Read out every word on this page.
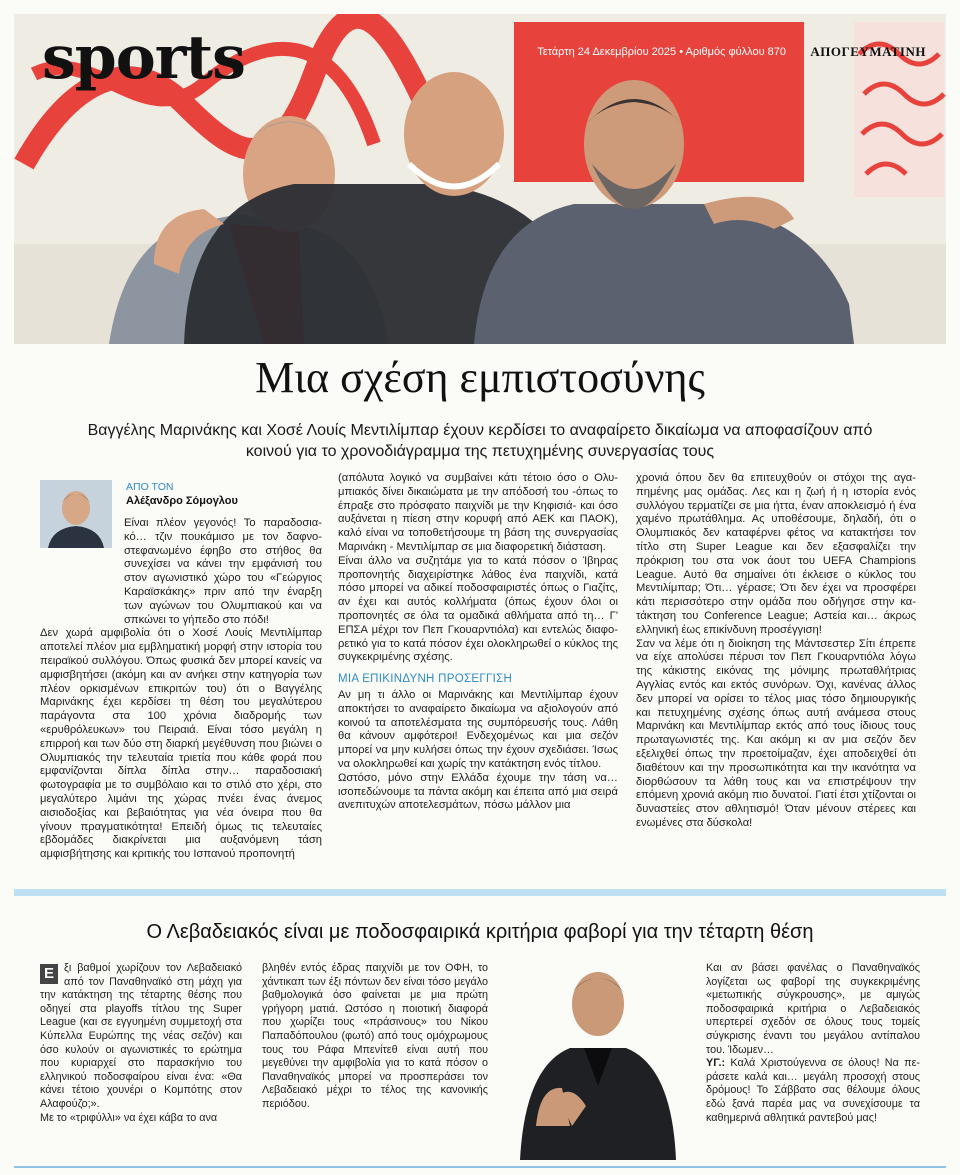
sports	Τετάρτη 24 Δεκεμβρίου 2025 • Αριθμός φύλλου 870 ΑΠΟΓΕΥΜΑΤΙΝΗ
Μια σχέση εμπιστοσύνης
Βαγγέλης Μαρινάκης και Χοσέ Λουίς Μεντιλίμπαρ έχουν κερδίσει το αναφαίρετο δικαίωμα να αποφασίζουν από κοινού για το χρονοδιάγραμμα της πετυχημένης συνεργασίας τους
ΑΠΟ ΤΟΝ
Αλέξανδρο Σόμογλου

Είναι πλέον γεγονός! Το παραδοσιακό… τζιν πουκάμισο με τον δαφνοστεφανωμένο έφηβο στο στήθος θα συνεχίσει να κάνει την εμφάνισή του στον αγωνιστικό χώρο του «Γεώργιος Καραϊσκάκης» πριν από την έναρξη των αγώνων του Ολυμπιακού και να σπκώνει το γήπεδο στο πόδι!

Δεν χωρά αμφιβολία ότι ο Χοσέ Λουίς Μεντιλίμπαρ αποτελεί πλέον μια εμβληματική μορφή στην ιστορία του πειραϊκού συλλόγου. Όπως φυσικά δεν μπορεί κανείς να αμφισβητήσει (ακόμη και αν ανήκει στην κατηγορία των πλέον ορκισμένων επικριτών του) ότι ο Βαγγέλης Μαρινάκης έχει κερδίσει τη θέση του μεγαλύτερου παράγοντα στα 100 χρόνια διαδρομής των «ερυθρόλευκων» του Πειραιά. Είναι τόσο μεγάλη η επιρροή και των δύο στη διαρκή μεγέθυνση που βιώνει ο Ολυμπιακός την τελευταία τριετία που κάθε φορά που εμφανίζονται δίπλα δίπλα στην… παραδοσιακή φωτογραφία με το συμβόλαιο και το στιλό στο χέρι, στο μεγαλύτερο λιμάνι της χώρας πνέει ένας άνεμος αισιοδοξίας και βεβαιότητας για νέα όνειρα που θα γίνουν πραγματικότητα! Επειδή όμως τις τελευταίες εβδομάδες διακρίνεται μια αυξανόμενη τάση αμφισβήτησης και κριτικής του Ισπανού προπονητή

(απόλυτα λογικό να συμβαίνει κάτι τέτοιο όσο ο Ολυμπιακός δίνει δικαιώματα με την απόδοσή του -όπως το έπραξε στο πρόσφατο παιχνίδι με την Κηφισιά- και όσο αυξάνεται η πίεση στην κορυφή από ΑΕΚ και ΠΑΟΚ), καλό είναι να τοποθετήσουμε τη βάση της συνεργασίας Μαρινάκη - Μεντιλίμπαρ σε μια διαφορετική διάσταση.

Είναι άλλο να συζητάμε για το κατά πόσον ο Ίβηρας προπονητής διαχειρίστηκε λάθος ένα παιχνίδι, κατά πόσο μπορεί να αδικεί ποδοσφαιριστές όπως ο Γιαζίτς, αν έχει και αυτός κολλήματα (όπως έχουν όλοι οι προπονητές σε όλα τα ομαδικά αθλήματα από τη… Γ' ΕΠΣΑ μέχρι τον Πεπ Γκουαρντιόλα) και εντελώς διαφορετικό για το κατά πόσον έχει ολοκληρωθεί ο κύκλος της συγκεκριμένης σχέσης.

ΜΙΑ ΕΠΙΚΙΝΔΥΝΗ ΠΡΟΣΕΓΓΙΣΗ

Αν μη τι άλλο οι Μαρινάκης και Μεντιλίμπαρ έχουν αποκτήσει το αναφαίρετο δικαίωμα να αξιολογούν από κοινού τα αποτελέσματα της συμπόρευσής τους. Λάθη θα κάνουν αμφότεροι! Ενδεχομένως και μια σεζόν μπορεί να μην κυλήσει όπως την έχουν σχεδιάσει. Ίσως να ολοκληρωθεί και χωρίς την κατάκτηση ενός τίτλου.

Ωστόσο, μόνο στην Ελλάδα έχουμε την τάση να… ισοπεδώνουμε τα πάντα ακόμη και έπειτα από μια σειρά ανεπιτυχών αποτελεσμάτων, πόσω μάλλον μια

χρονιά όπου δεν θα επιτευχθούν οι στόχοι της αγαπημένης μας ομάδας. Λες και η ζωή ή η ιστορία ενός συλλόγου τερματίζει σε μια ήττα, έναν αποκλεισμό ή ένα χαμένο πρωτάθλημα. Ας υποθέσουμε, δηλαδή, ότι ο Ολυμπιακός δεν καταφέρνει φέτος να κατακτήσει τον τίτλο στη Super League και δεν εξασφαλίζει την πρόκριση του στα νοκ άουτ του UEFA Champions League. Αυτό θα σημαίνει ότι έκλεισε ο κύκλος του Μεντιλίμπαρ; Ότι… γέρασε; Ότι δεν έχει να προσφέρει κάτι περισσότερο στην ομάδα που οδήγησε στην κατάκτηση του Conference League; Αστεία και… άκρως ελληνική έως επικίνδυνη προσέγγιση!

Σαν να λέμε ότι η διοίκηση της Μάντσεστερ Σίτι έπρεπε να είχε απολύσει πέρυσι τον Πεπ Γκουαρντιόλα λόγω της κάκιστης εικόνας της μόνιμης πρωταθλήτριας Αγγλίας εντός και εκτός συνόρων. Όχι, κανένας άλλος δεν μπορεί να ορίσει το τέλος μιας τόσο δημιουργικής και πετυχημένης σχέσης όπως αυτή ανάμεσα στους Μαρινάκη και Μεντιλίμπαρ εκτός από τους ίδιους τους πρωταγωνιστές της. Και ακόμη κι αν μια σεζόν δεν εξελιχθεί όπως την προετοίμαζαν, έχει αποδειχθεί ότι διαθέτουν και την προσωπικότητα και την ικανότητα να διορθώσουν τα λάθη τους και να επιστρέψουν την επόμενη χρονιά ακόμη πιο δυνατοί. Γιατί έτσι χτίζονται οι δυναστείες στον αθλητισμό! Όταν μένουν στέρεες και ενωμένες στα δύσκολα!

Ο Λεβαδειακός είναι με ποδοσφαιρικά κριτήρια φαβορί για την τέταρτη θέση

Ε ξι βαθμοί χωρίζουν τον Λεβαδειακό από τον Παναθηναϊκό στη μάχη για την κατάκτηση της τέταρτης θέσης που οδηγεί στα playoffs τίτλου της Super League (και σε εγγυημένη συμμετοχή στα Κύπελλα Ευρώπης της νέας σεζόν) και όσο κυλούν οι αγωνιστικές το ερώτημα που κυριαρχεί στο παρασκήνιο του ελληνικού ποδοσφαίρου είναι ένα: «Θα κάνει τέτοιο χουνέρι ο Κομπότης στον Αλαφούζο;».

Με το «τριφύλλι» να έχει κάβα το ανα

βληθέν εντός έδρας παιχνίδι με τον ΟΦΗ, το χάντικαπ των έξι πόντων δεν είναι τόσο μεγάλο βαθμολογικά όσο φαίνεται με μια πρώτη γρήγορη ματιά. Ωστόσο η ποιοτική διαφορά που χωρίζει τους «πράσινους» του Νίκου Παπαδόπουλου (φωτό) από τους ομόχρωμους τους του Ράφα Μπενίτεθ είναι αυτή που μεγεθύνει την αμφιβολία για το κατά πόσον ο Παναθηναϊκός μπορεί να προσπεράσει τον Λεβαδειακό μέχρι το τέλος της κανονικής περιόδου.

Και αν βάσει φανέλας ο Παναθηναϊκός λογίζεται ως φαβορί της συγκεκριμένης «μετωπικής σύγκρουσης», με αμιγώς ποδοσφαιρικά κριτήρια ο Λεβαδειακός υπερτερεί σχεδόν σε όλους τους τομείς σύγκρισης έναντι του μεγάλου αντίπαλου του. Ίδωμεν…

ΥΓ.: Καλά Χριστούγεννα σε όλους! Να περάσετε καλά και… μεγάλη προσοχή στους δρόμους! Το Σάββατο σας θέλουμε όλους εδώ ξανά παρέα μας να συνεχίσουμε τα καθημερινά αθλητικά ραντεβού μας!
